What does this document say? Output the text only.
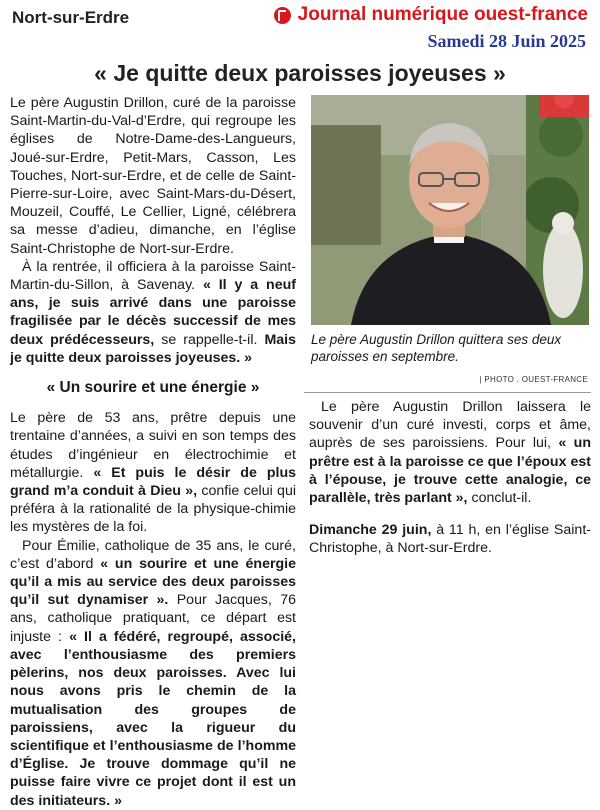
Nort-sur-Erdre	Journal numérique ouest-france
Samedi 28 Juin 2025
« Je quitte deux paroisses joyeuses »

Le père Augustin Drillon, curé de la paroisse Saint-Martin-du-Val-d’Erdre, qui regroupe les églises de Notre-Dame-des-Langueurs, Joué-sur-Erdre, Petit-Mars, Casson, Les Touches, Nort-sur-Erdre, et de celle de Saint-Pierre-sur-Loire, avec Saint-Mars-du-Désert, Mouzeil, Couffé, Le Cellier, Ligné, célébrera sa messe d’adieu, dimanche, en l’église Saint-Christophe de Nort-sur-Erdre.

À la rentrée, il officiera à la paroisse Saint-Martin-du-Sillon, à Savenay. « Il y a neuf ans, je suis arrivé dans une paroisse fragilisée par le décès successif de mes deux prédécesseurs, se rappelle-t-il. Mais je quitte deux paroisses joyeuses. »

« Un sourire et une énergie »

Le père de 53 ans, prêtre depuis une trentaine d’années, a suivi en son temps des études d’ingénieur en électrochimie et métallurgie. « Et puis le désir de plus grand m’a conduit à Dieu », confie celui qui préféra à la rationalité de la physique-chimie les mystères de la foi.

Pour Émilie, catholique de 35 ans, le curé, c’est d’abord « un sourire et une énergie qu’il a mis au service des deux paroisses qu’il sut dynamiser ». Pour Jacques, 76 ans, catholique pratiquant, ce départ est injuste : « Il a fédéré, regroupé, associé, avec l’enthousiasme des premiers pèlerins, nos deux paroisses. Avec lui nous avons pris le chemin de la mutualisation des groupes de paroissiens, avec la rigueur du scientifique et l’enthousiasme de l’homme d’Église. Je trouve dommage qu’il ne puisse faire vivre ce projet dont il est un des initiateurs. »

Le père Augustin Drillon quittera ses deux paroisses en septembre.
| PHOTO . OUEST-FRANCE

Le père Augustin Drillon laissera le souvenir d’un curé investi, corps et âme, auprès de ses paroissiens. Pour lui, « un prêtre est à la paroisse ce que l’époux est à l’épouse, je trouve cette analogie, ce parallèle, très parlant », conclut-il.

Dimanche 29 juin, à 11 h, en l’église Saint-Christophe, à Nort-sur-Erdre.
